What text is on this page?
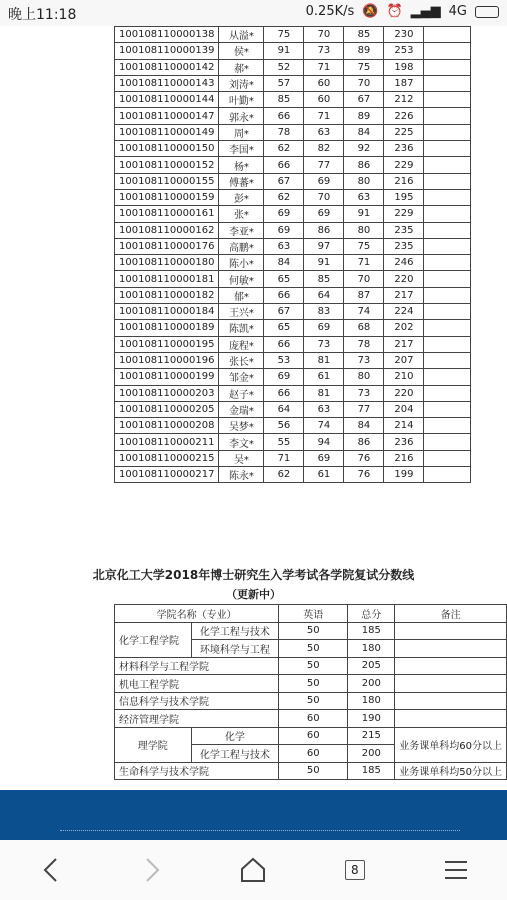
晚上11:18	0.25K/s 🔕 ⏰ ▂▄▆ 4G
100108110000138	从溢*	75	70	85	230	
100108110000139	侯*	91	73	89	253	
100108110000142	郝*	52	71	75	198	
100108110000143	刘涛*	57	60	70	187	
100108110000144	叶勤*	85	60	67	212	
100108110000147	郭永*	66	71	89	226	
100108110000149	周*	78	63	84	225	
100108110000150	李国*	62	82	92	236	
100108110000152	杨*	66	77	86	229	
100108110000155	傅蕃*	67	69	80	216	
100108110000159	彭*	62	70	63	195	
100108110000161	张*	69	69	91	229	
100108110000162	李亚*	69	86	80	235	
100108110000176	高鹏*	63	97	75	235	
100108110000180	陈小*	84	91	71	246	
100108110000181	何敏*	65	85	70	220	
100108110000182	郁*	66	64	87	217	
100108110000184	王兴*	67	83	74	224	
100108110000189	陈凯*	65	69	68	202	
100108110000195	庞程*	66	73	78	217	
100108110000196	张长*	53	81	73	207	
100108110000199	邹金*	69	61	80	210	
100108110000203	赵子*	66	81	73	220	
100108110000205	金瑞*	64	63	77	204	
100108110000208	吴梦*	56	74	84	214	
100108110000211	李文*	55	94	86	236	
100108110000215	吴*	71	69	76	216	
100108110000217	陈永*	62	61	76	199	
北京化工大学2018年博士研究生入学考试各学院复试分数线
（更新中）
学院名称（专业）		英语	总分	备注
化学工程学院	化学工程与技术	50	185	
	环境科学与工程	50	180	
材料科学与工程学院		50	205	
机电工程学院		50	200	
信息科学与技术学院		50	180	
经济管理学院		60	190	
理学院	化学	60	215	业务课单科均60分以上
	化学工程与技术	60	200	
生命科学与技术学院		50	185	业务课单科均50分以上
8
